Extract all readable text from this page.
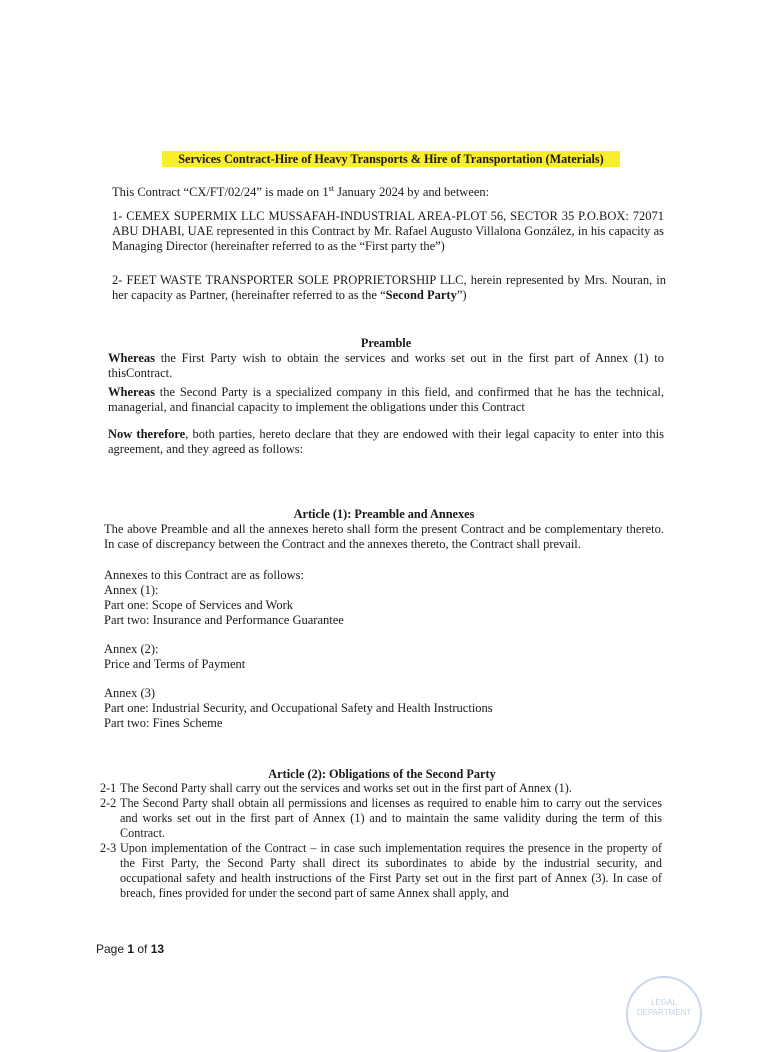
Services Contract-Hire of Heavy Transports & Hire of Transportation (Materials)
This Contract “CX/FT/02/24” is made on 1st January 2024 by and between:
1- CEMEX SUPERMIX LLC MUSSAFAH-INDUSTRIAL AREA-PLOT 56, SECTOR 35 P.O.BOX: 72071 ABU DHABI, UAE represented in this Contract by Mr. Rafael Augusto Villalona González, in his capacity as Managing Director (hereinafter referred to as the “First party the”)
2- FEET WASTE TRANSPORTER SOLE PROPRIETORSHIP LLC, herein represented by Mrs. Nouran, in her capacity as Partner, (hereinafter referred to as the “Second Party”)
Preamble
Whereas the First Party wish to obtain the services and works set out in the first part of Annex (1) to thisContract.
Whereas the Second Party is a specialized company in this field, and confirmed that he has the technical, managerial, and financial capacity to implement the obligations under this Contract
Now therefore, both parties, hereto declare that they are endowed with their legal capacity to enter into this agreement, and they agreed as follows:
Article (1): Preamble and Annexes
The above Preamble and all the annexes hereto shall form the present Contract and be complementary thereto. In case of discrepancy between the Contract and the annexes thereto, the Contract shall prevail.
Annexes to this Contract are as follows:
Annex (1):
Part one: Scope of Services and Work
Part two: Insurance and Performance Guarantee
Annex (2):
Price and Terms of Payment
Annex (3)
Part one: Industrial Security, and Occupational Safety and Health Instructions
Part two: Fines Scheme
Article (2): Obligations of the Second Party
2-1 The Second Party shall carry out the services and works set out in the first part of Annex (1).
2-2 The Second Party shall obtain all permissions and licenses as required to enable him to carry out the services and works set out in the first part of Annex (1) and to maintain the same validity during the term of this Contract.
2-3 Upon implementation of the Contract – in case such implementation requires the presence in the property of the First Party, the Second Party shall direct its subordinates to abide by the industrial security, and occupational safety and health instructions of the First Party set out in the first part of Annex (3). In case of breach, fines provided for under the second part of same Annex shall apply, and
Page 1 of 13
LEGAL
DEPARTMENT
